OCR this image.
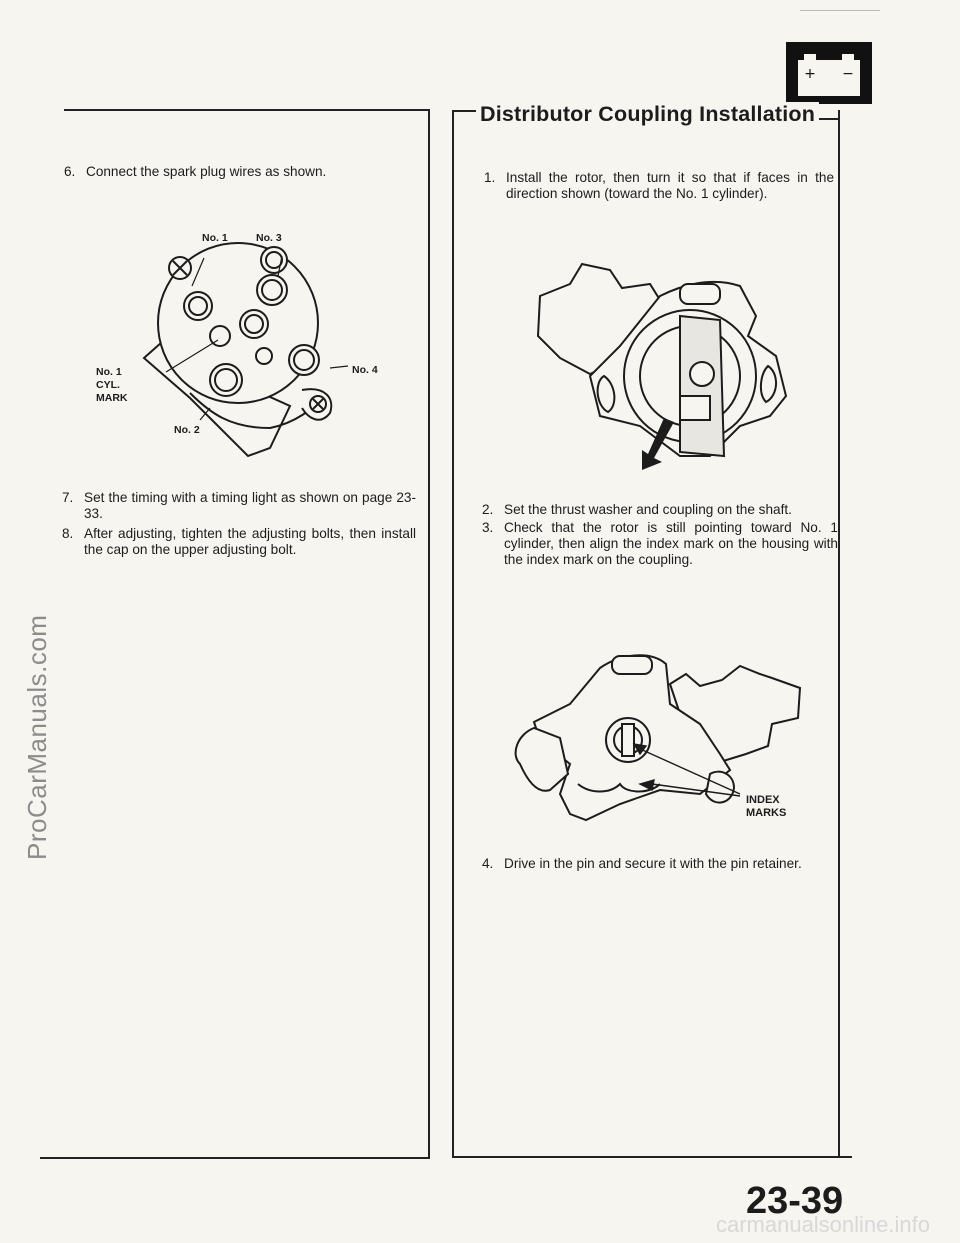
ProCarManuals.com
carmanualsonline.info
+ −
Distributor Coupling Installation
6. Connect the spark plug wires as shown.
No. 1	No. 3
No. 4
No. 2
No. 1
CYL.
MARK
7. Set the timing with a timing light as shown on page 23-33.
8. After adjusting, tighten the adjusting bolts, then install the cap on the upper adjusting bolt.
1. Install the rotor, then turn it so that if faces in the direction shown (toward the No. 1 cylinder).
2. Set the thrust washer and coupling on the shaft.
3. Check that the rotor is still pointing toward No. 1 cylinder, then align the index mark on the housing with the index mark on the coupling.
INDEX
MARKS
4. Drive in the pin and secure it with the pin retainer.
23-39
